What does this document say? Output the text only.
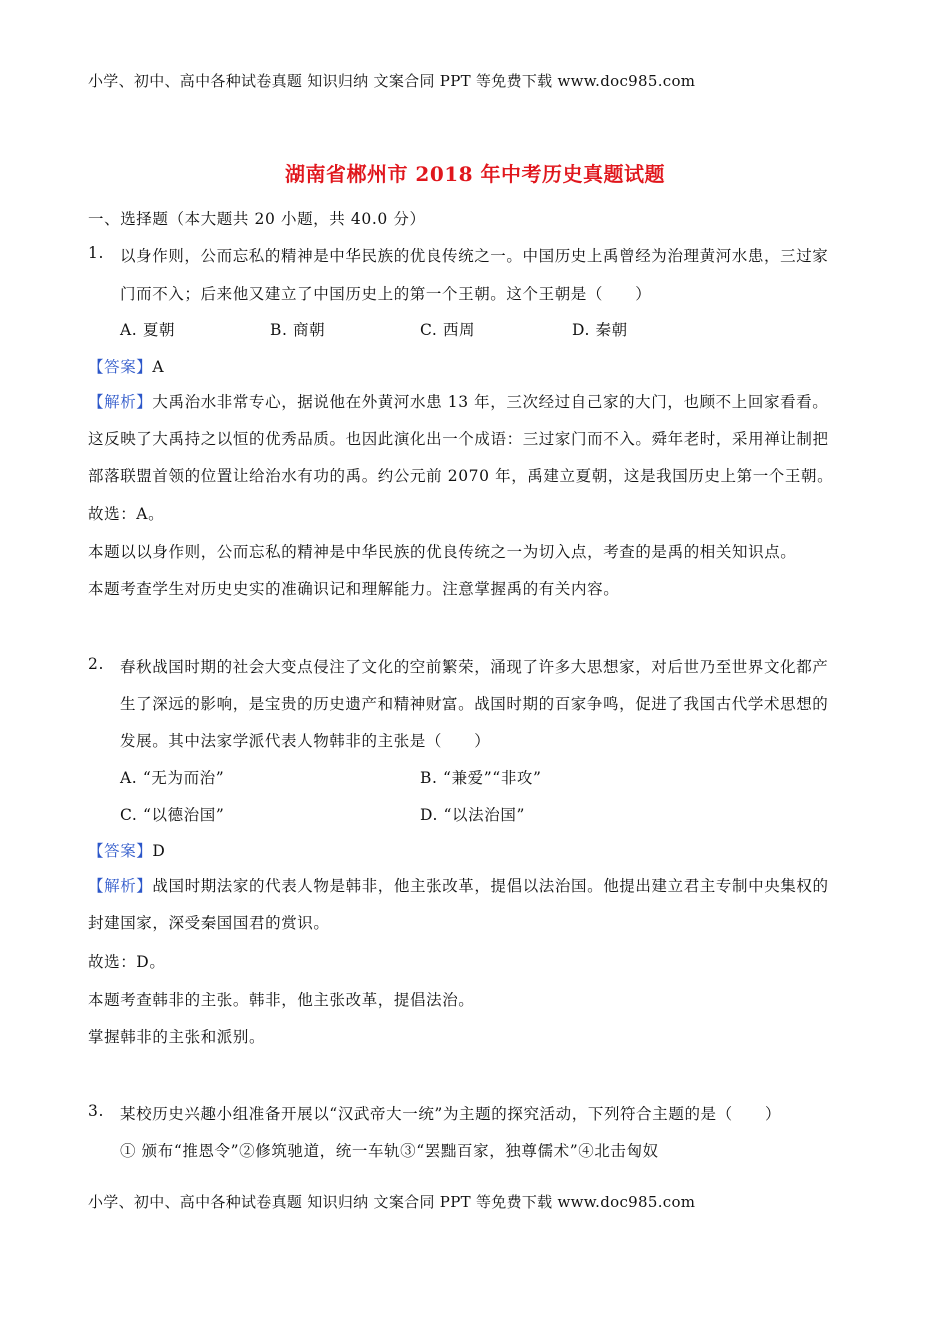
小学、初中、高中各种试卷真题 知识归纳 文案合同 PPT 等免费下载 www.doc985.com
湖南省郴州市 2018 年中考历史真题试题
一、选择题（本大题共 20 小题，共 40.0 分）
1. 以身作则，公而忘私的精神是中华民族的优良传统之一。中国历史上禹曾经为治理黄河水患，三过家
门而不入；后来他又建立了中国历史上的第一个王朝。这个王朝是（　　）
A. 夏朝	B. 商朝	C. 西周	D. 秦朝
【答案】A
【解析】大禹治水非常专心，据说他在外黄河水患 13 年，三次经过自己家的大门，也顾不上回家看看。
这反映了大禹持之以恒的优秀品质。也因此演化出一个成语：三过家门而不入。舜年老时，采用禅让制把
部落联盟首领的位置让给治水有功的禹。约公元前 2070 年，禹建立夏朝，这是我国历史上第一个王朝。
故选：A。
本题以以身作则，公而忘私的精神是中华民族的优良传统之一为切入点，考查的是禹的相关知识点。
本题考查学生对历史史实的准确识记和理解能力。注意掌握禹的有关内容。
2. 春秋战国时期的社会大变点侵注了文化的空前繁荣，涌现了许多大思想家，对后世乃至世界文化都产
生了深远的影响，是宝贵的历史遗产和精神财富。战国时期的百家争鸣，促进了我国古代学术思想的
发展。其中法家学派代表人物韩非的主张是（　　）
A. “无为而治”	B. “兼爱”“非攻”
C. “以德治国”	D. “以法治国”
【答案】D
【解析】战国时期法家的代表人物是韩非，他主张改革，提倡以法治国。他提出建立君主专制中央集权的
封建国家，深受秦国国君的赏识。
故选：D。
本题考查韩非的主张。韩非，他主张改革，提倡法治。
掌握韩非的主张和派别。
3. 某校历史兴趣小组准备开展以“汉武帝大一统”为主题的探究活动，下列符合主题的是（　　）
① 颁布“推恩令”②修筑驰道，统一车轨③“罢黜百家，独尊儒术”④北击匈奴
小学、初中、高中各种试卷真题 知识归纳 文案合同 PPT 等免费下载 www.doc985.com
